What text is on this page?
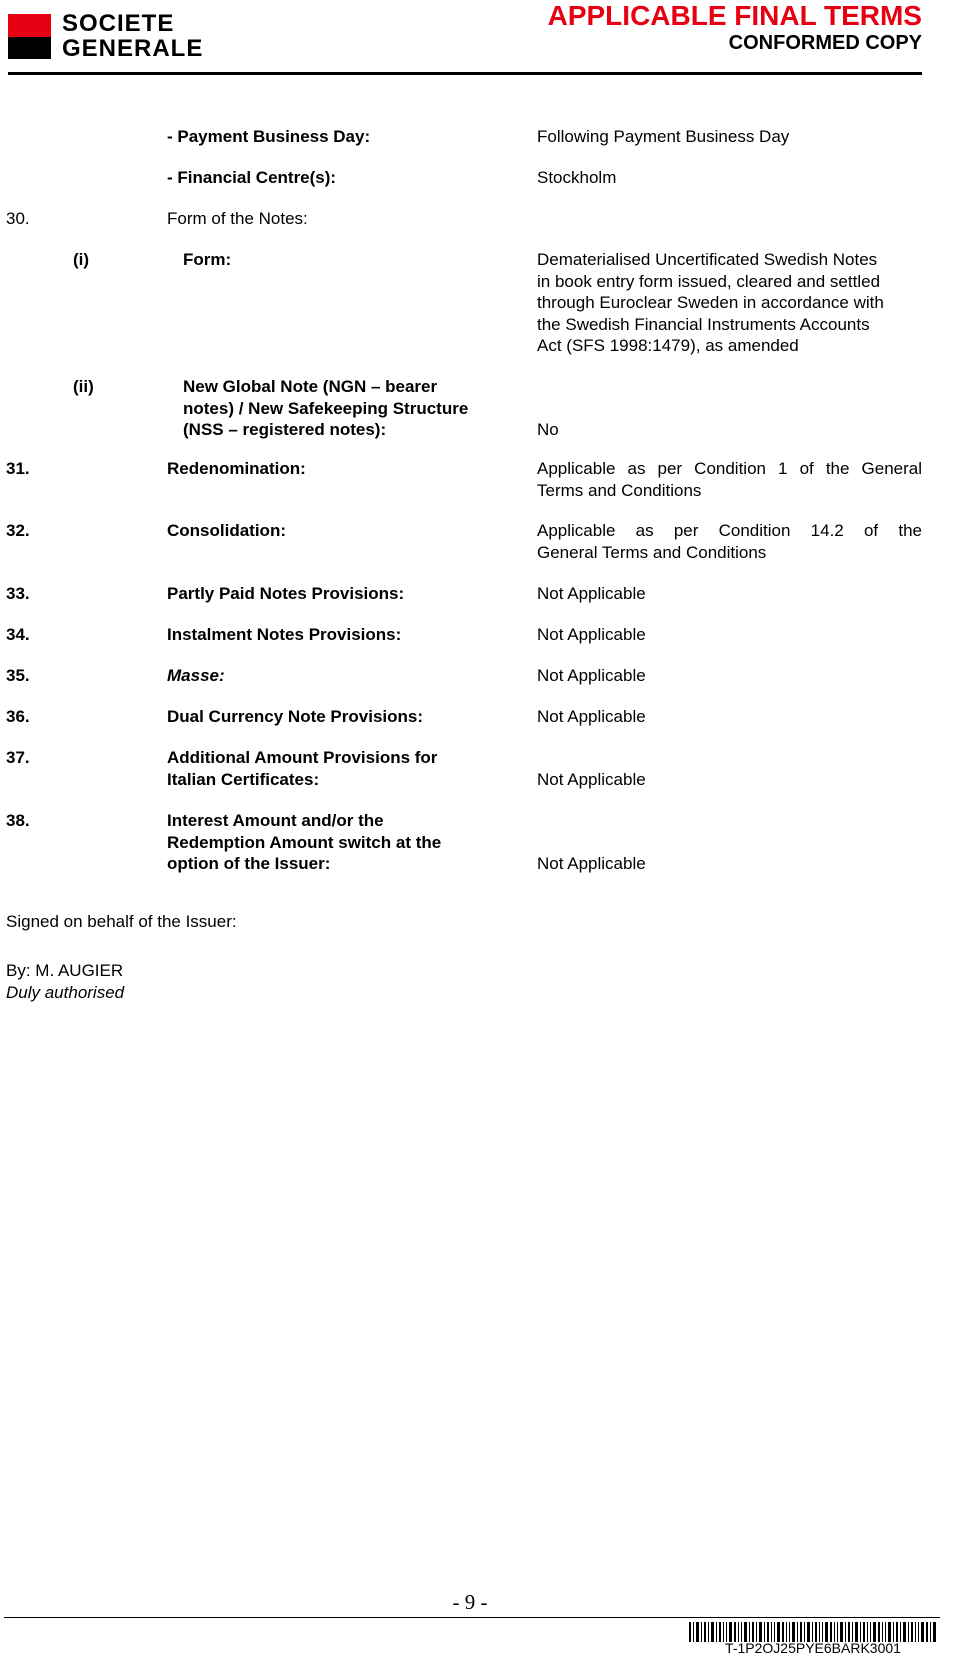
SOCIETE
GENERALE
APPLICABLE FINAL TERMS
CONFORMED COPY
- Payment Business Day:	Following Payment Business Day
- Financial Centre(s):	Stockholm
30.	Form of the Notes:
(i)	Form:	Dematerialised Uncertificated Swedish Notes
in book entry form issued, cleared and settled
through Euroclear Sweden in accordance with
the Swedish Financial Instruments Accounts
Act (SFS 1998:1479), as amended
(ii)	New Global Note (NGN – bearer
notes) / New Safekeeping Structure
(NSS – registered notes):	No
31.	Redenomination:	Applicable as per Condition 1 of the General
Terms and Conditions
32.	Consolidation:	Applicable as per Condition 14.2 of the
General Terms and Conditions
33.	Partly Paid Notes Provisions:	Not Applicable
34.	Instalment Notes Provisions:	Not Applicable
35.	Masse:	Not Applicable
36.	Dual Currency Note Provisions:	Not Applicable
37.	Additional Amount Provisions for
Italian Certificates:	Not Applicable
38.	Interest Amount and/or the
Redemption Amount switch at the
option of the Issuer:	Not Applicable
Signed on behalf of the Issuer:
By: M. AUGIER
Duly authorised
- 9 -
T-1P2OJ25PYE6BARK3001
